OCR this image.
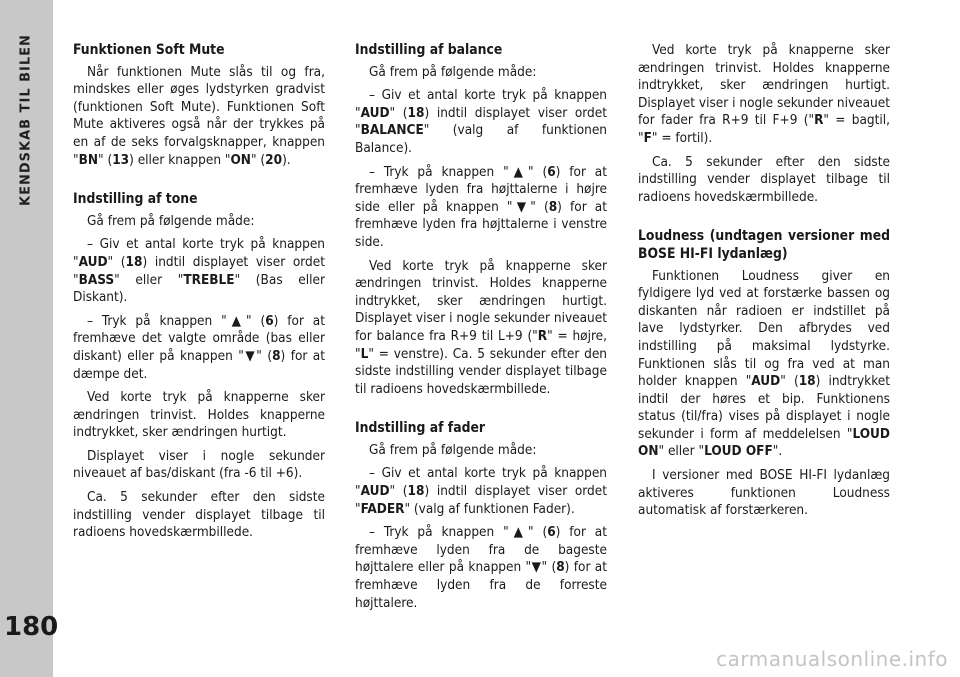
KENDSKAB TIL BILEN
180
Funktionen Soft Mute

Når funktionen Mute slås til og fra, mindskes eller øges lydstyrken gradvist (funktionen Soft Mute). Funktionen Soft Mute aktiveres også når der trykkes på en af de seks forvalgsknapper, knappen "BN" (13) eller knappen "ON" (20).

Indstilling af tone

Gå frem på følgende måde:

– Giv et antal korte tryk på knappen "AUD" (18) indtil displayet viser ordet "BASS" eller "TREBLE" (Bas eller Diskant).

– Tryk på knappen "▲" (6) for at fremhæve det valgte område (bas eller diskant) eller på knappen "▼" (8) for at dæmpe det.

Ved korte tryk på knapperne sker ændringen trinvist. Holdes knapperne indtrykket, sker ændringen hurtigt.

Displayet viser i nogle sekunder niveauet af bas/diskant (fra -6 til +6).

Ca. 5 sekunder efter den sidste indstilling vender displayet tilbage til radioens hovedskærmbillede.

Indstilling af balance

Gå frem på følgende måde:

– Giv et antal korte tryk på knappen "AUD" (18) indtil displayet viser ordet "BALANCE" (valg af funktionen Balance).

– Tryk på knappen "▲" (6) for at fremhæve lyden fra højttalerne i højre side eller på knappen "▼" (8) for at fremhæve lyden fra højttalerne i venstre side.

Ved korte tryk på knapperne sker ændringen trinvist. Holdes knapperne indtrykket, sker ændringen hurtigt. Displayet viser i nogle sekunder niveauet for balance fra R+9 til L+9 ("R" = højre, "L" = venstre). Ca. 5 sekunder efter den sidste indstilling vender displayet tilbage til radioens hovedskærmbillede.

Indstilling af fader

Gå frem på følgende måde:

– Giv et antal korte tryk på knappen "AUD" (18) indtil displayet viser ordet "FADER" (valg af funktionen Fader).

– Tryk på knappen "▲" (6) for at fremhæve lyden fra de bageste højttalere eller på knappen "▼" (8) for at fremhæve lyden fra de forreste højttalere.

Ved korte tryk på knapperne sker ændringen trinvist. Holdes knapperne indtrykket, sker ændringen hurtigt. Displayet viser i nogle sekunder niveauet for fader fra R+9 til F+9 ("R" = bagtil, "F" = fortil).

Ca. 5 sekunder efter den sidste indstilling vender displayet tilbage til radioens hovedskærmbillede.

Loudness (undtagen versioner med BOSE HI-FI lydanlæg)

Funktionen Loudness giver en fyldigere lyd ved at forstærke bassen og diskanten når radioen er indstillet på lave lydstyrker. Den afbrydes ved indstilling på maksimal lydstyrke. Funktionen slås til og fra ved at man holder knappen "AUD" (18) indtrykket indtil der høres et bip. Funktionens status (til/fra) vises på displayet i nogle sekunder i form af meddelelsen "LOUD ON" eller "LOUD OFF".

I versioner med BOSE HI-FI lydanlæg aktiveres funktionen Loudness automatisk af forstærkeren.

carmanualsonline.info
